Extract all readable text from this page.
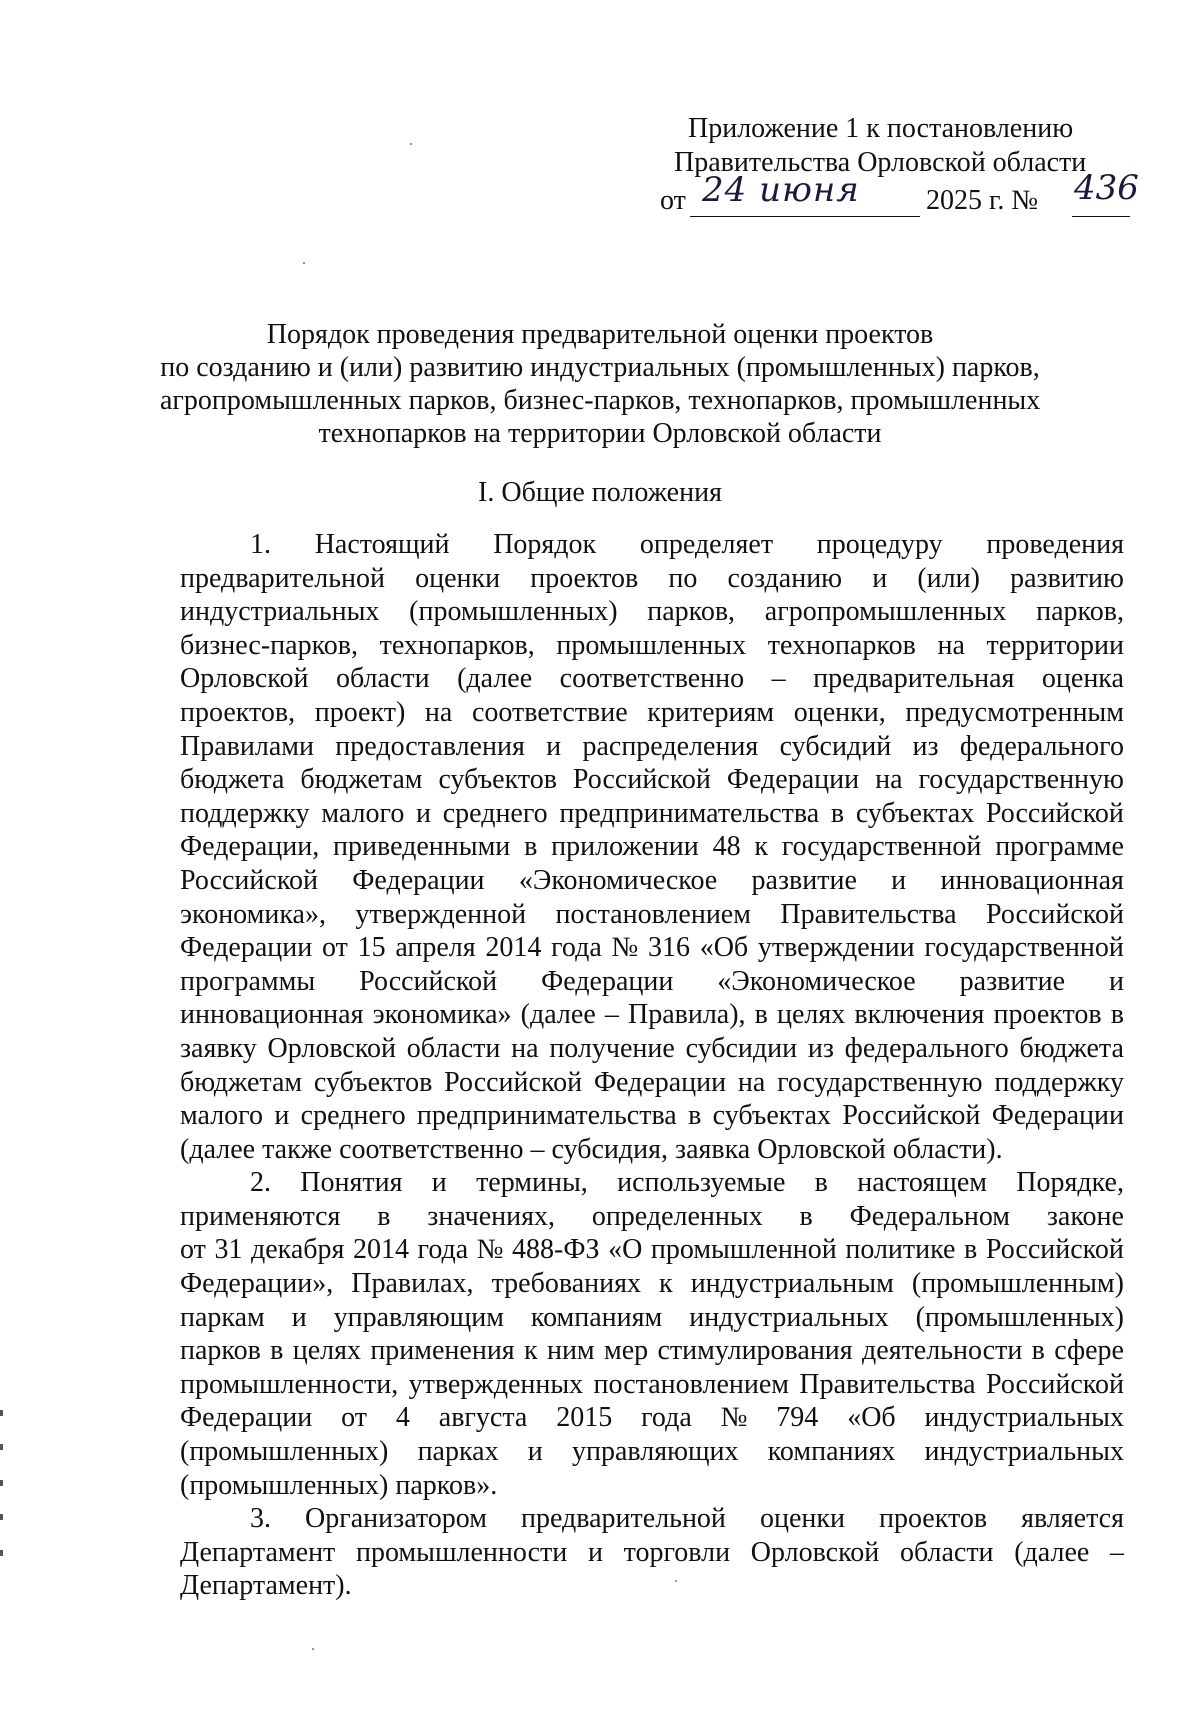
Приложение 1 к постановлению
Правительства Орловской области
от 24 июня 2025 г. № 436
Порядок проведения предварительной оценки проектов
по созданию и (или) развитию индустриальных (промышленных) парков,
агропромышленных парков, бизнес-парков, технопарков, промышленных
технопарков на территории Орловской области
I. Общие положения
1. Настоящий Порядок определяет процедуру проведения
предварительной оценки проектов по созданию и (или) развитию
индустриальных (промышленных) парков, агропромышленных парков,
бизнес-парков, технопарков, промышленных технопарков на территории
Орловской области (далее соответственно – предварительная оценка
проектов, проект) на соответствие критериям оценки, предусмотренным
Правилами предоставления и распределения субсидий из федерального
бюджета бюджетам субъектов Российской Федерации на государственную
поддержку малого и среднего предпринимательства в субъектах Российской
Федерации, приведенными в приложении 48 к государственной программе
Российской Федерации «Экономическое развитие и инновационная
экономика», утвержденной постановлением Правительства Российской
Федерации от 15 апреля 2014 года № 316 «Об утверждении государственной
программы Российской Федерации «Экономическое развитие и
инновационная экономика» (далее – Правила), в целях включения проектов в
заявку Орловской области на получение субсидии из федерального бюджета
бюджетам субъектов Российской Федерации на государственную поддержку
малого и среднего предпринимательства в субъектах Российской Федерации
(далее также соответственно – субсидия, заявка Орловской области).
2. Понятия и термины, используемые в настоящем Порядке,
применяются в значениях, определенных в Федеральном законе
от 31 декабря 2014 года № 488-ФЗ «О промышленной политике в Российской
Федерации», Правилах, требованиях к индустриальным (промышленным)
паркам и управляющим компаниям индустриальных (промышленных)
парков в целях применения к ним мер стимулирования деятельности в сфере
промышленности, утвержденных постановлением Правительства Российской
Федерации от 4 августа 2015 года № 794 «Об индустриальных
(промышленных) парках и управляющих компаниях индустриальных
(промышленных) парков».
3. Организатором предварительной оценки проектов является
Департамент промышленности и торговли Орловской области (далее –
Департамент).
